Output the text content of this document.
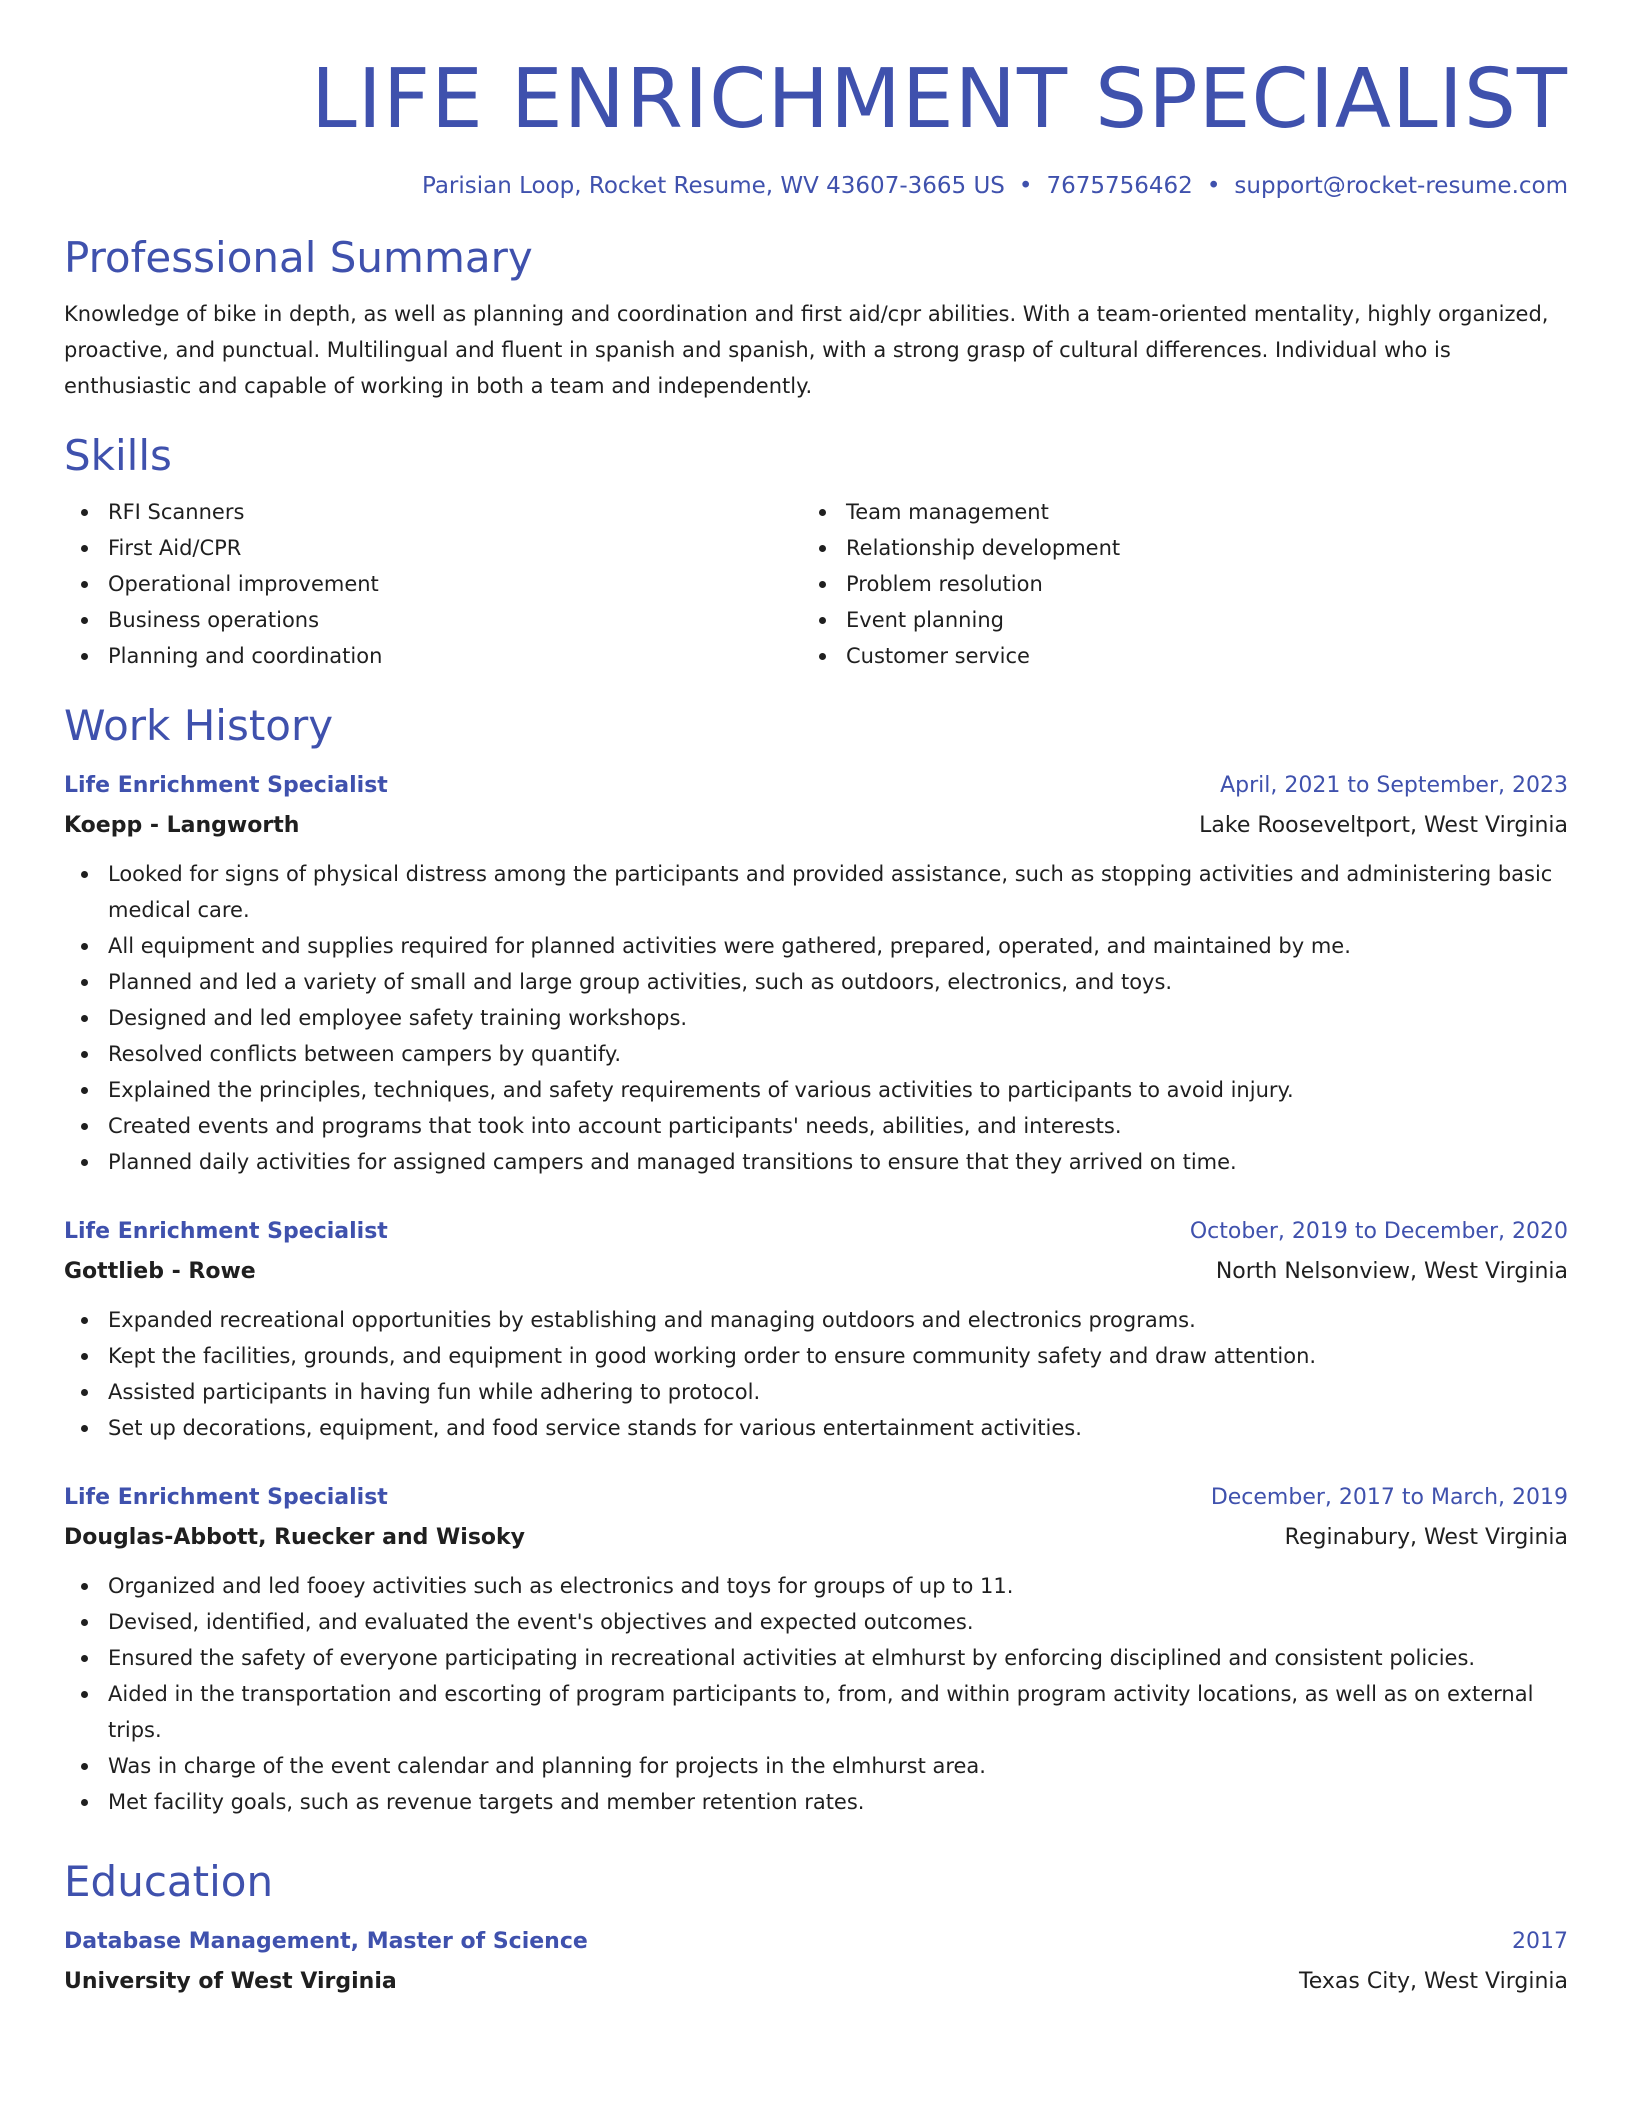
LIFE ENRICHMENT SPECIALIST
Parisian Loop, Rocket Resume, WV 43607-3665 US • 7675756462 • support@rocket-resume.com
Professional Summary
Knowledge of bike in depth, as well as planning and coordination and first aid/cpr abilities. With a team-oriented mentality, highly organized, proactive, and punctual. Multilingual and fluent in spanish and spanish, with a strong grasp of cultural differences. Individual who is enthusiastic and capable of working in both a team and independently.
Skills
RFI Scanners
First Aid/CPR
Operational improvement
Business operations
Planning and coordination
Team management
Relationship development
Problem resolution
Event planning
Customer service
Work History
Life Enrichment Specialist	April, 2021 to September, 2023
Koepp - Langworth	Lake Rooseveltport, West Virginia
Looked for signs of physical distress among the participants and provided assistance, such as stopping activities and administering basic medical care.
All equipment and supplies required for planned activities were gathered, prepared, operated, and maintained by me.
Planned and led a variety of small and large group activities, such as outdoors, electronics, and toys.
Designed and led employee safety training workshops.
Resolved conflicts between campers by quantify.
Explained the principles, techniques, and safety requirements of various activities to participants to avoid injury.
Created events and programs that took into account participants' needs, abilities, and interests.
Planned daily activities for assigned campers and managed transitions to ensure that they arrived on time.
Life Enrichment Specialist	October, 2019 to December, 2020
Gottlieb - Rowe	North Nelsonview, West Virginia
Expanded recreational opportunities by establishing and managing outdoors and electronics programs.
Kept the facilities, grounds, and equipment in good working order to ensure community safety and draw attention.
Assisted participants in having fun while adhering to protocol.
Set up decorations, equipment, and food service stands for various entertainment activities.
Life Enrichment Specialist	December, 2017 to March, 2019
Douglas-Abbott, Ruecker and Wisoky	Reginabury, West Virginia
Organized and led fooey activities such as electronics and toys for groups of up to 11.
Devised, identified, and evaluated the event's objectives and expected outcomes.
Ensured the safety of everyone participating in recreational activities at elmhurst by enforcing disciplined and consistent policies.
Aided in the transportation and escorting of program participants to, from, and within program activity locations, as well as on external trips.
Was in charge of the event calendar and planning for projects in the elmhurst area.
Met facility goals, such as revenue targets and member retention rates.
Education
Database Management, Master of Science	2017
University of West Virginia	Texas City, West Virginia
